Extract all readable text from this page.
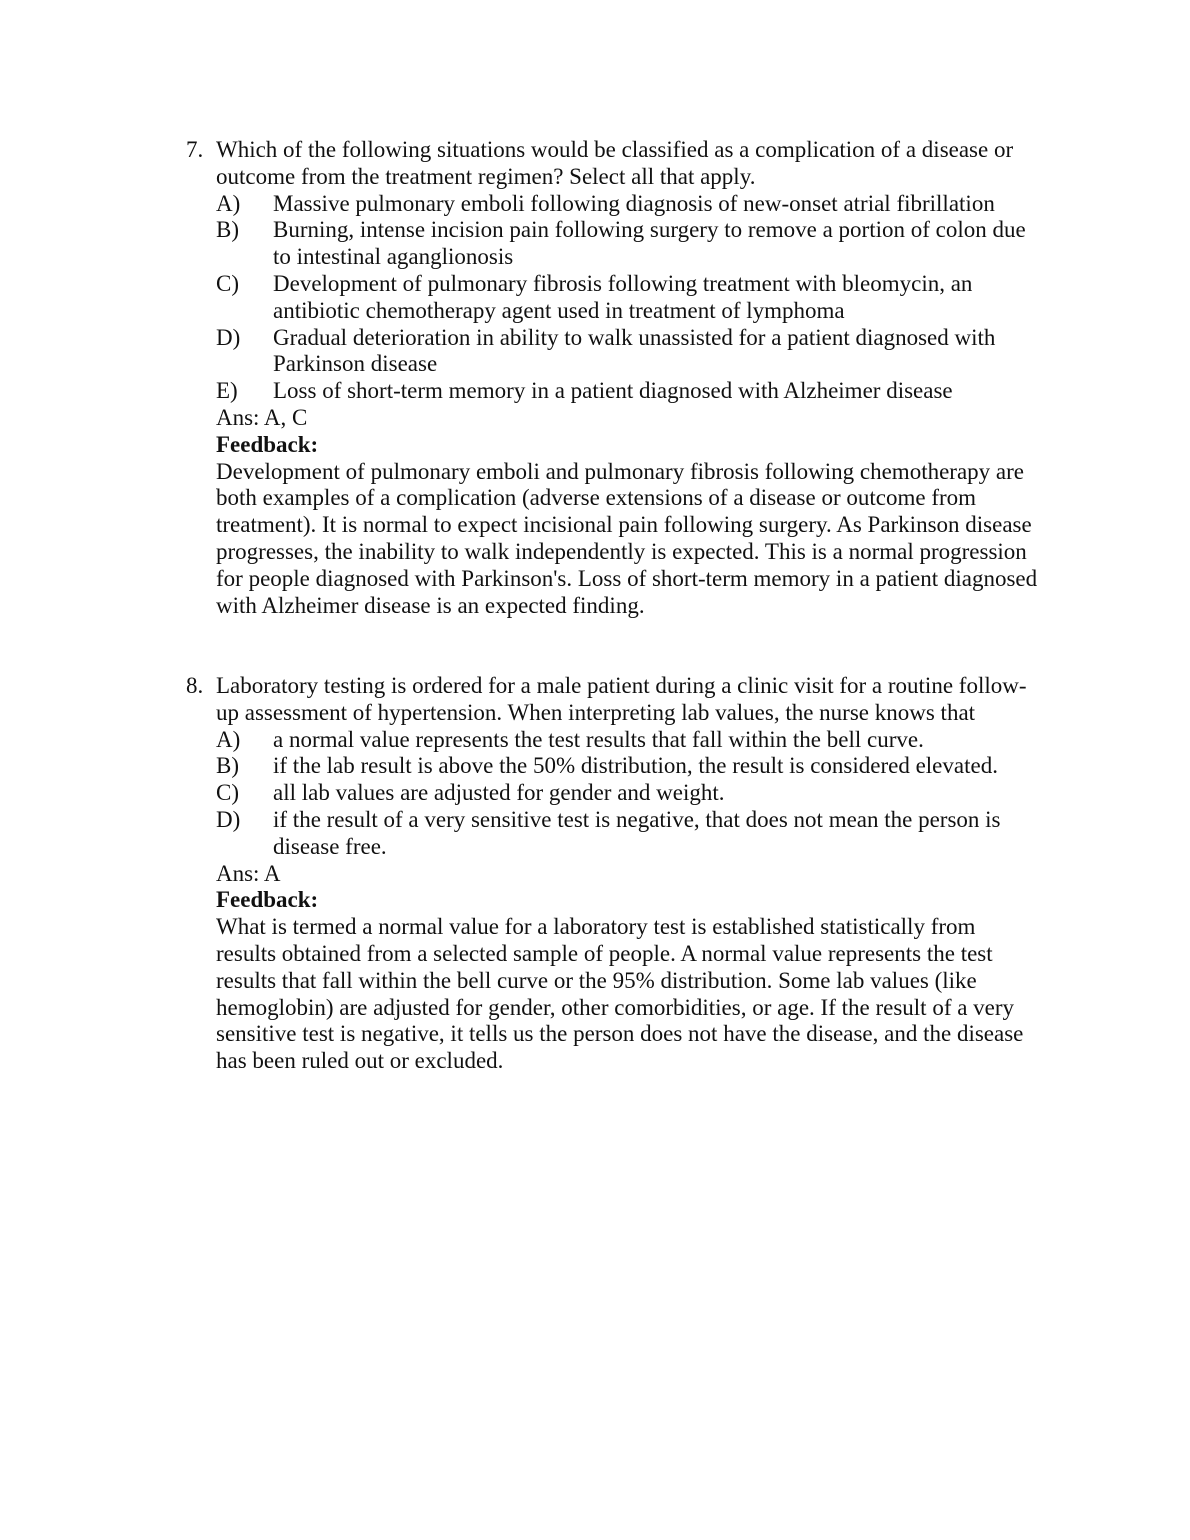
7. Which of the following situations would be classified as a complication of a disease or outcome from the treatment regimen? Select all that apply.
A) Massive pulmonary emboli following diagnosis of new-onset atrial fibrillation
B) Burning, intense incision pain following surgery to remove a portion of colon due to intestinal aganglionosis
C) Development of pulmonary fibrosis following treatment with bleomycin, an antibiotic chemotherapy agent used in treatment of lymphoma
D) Gradual deterioration in ability to walk unassisted for a patient diagnosed with Parkinson disease
E) Loss of short-term memory in a patient diagnosed with Alzheimer disease
Ans: A, C
Feedback:
Development of pulmonary emboli and pulmonary fibrosis following chemotherapy are both examples of a complication (adverse extensions of a disease or outcome from treatment). It is normal to expect incisional pain following surgery. As Parkinson disease progresses, the inability to walk independently is expected. This is a normal progression for people diagnosed with Parkinson's. Loss of short-term memory in a patient diagnosed with Alzheimer disease is an expected finding.
8. Laboratory testing is ordered for a male patient during a clinic visit for a routine follow-up assessment of hypertension. When interpreting lab values, the nurse knows that
A) a normal value represents the test results that fall within the bell curve.
B) if the lab result is above the 50% distribution, the result is considered elevated.
C) all lab values are adjusted for gender and weight.
D) if the result of a very sensitive test is negative, that does not mean the person is disease free.
Ans: A
Feedback:
What is termed a normal value for a laboratory test is established statistically from results obtained from a selected sample of people. A normal value represents the test results that fall within the bell curve or the 95% distribution. Some lab values (like hemoglobin) are adjusted for gender, other comorbidities, or age. If the result of a very sensitive test is negative, it tells us the person does not have the disease, and the disease has been ruled out or excluded.
